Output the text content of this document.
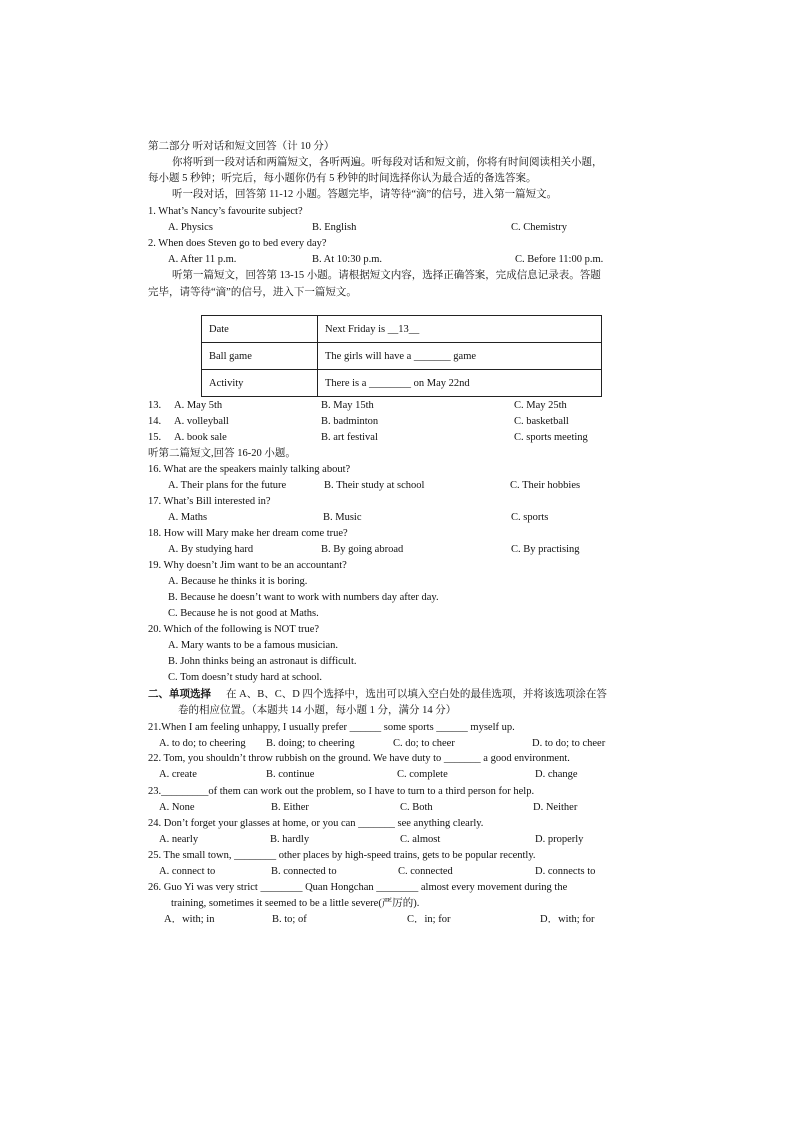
第二部分 听对话和短文回答（计 10 分）
你将听到一段对话和两篇短文，各听两遍。听每段对话和短文前，你将有时间阅读相关小题，
每小题 5 秒钟；听完后，每小题你仍有 5 秒钟的时间选择你认为最合适的备选答案。
听一段对话，回答第 11-12 小题。答题完毕，请等待“滴”的信号，进入第一篇短文。
1. What’s Nancy’s favourite subject?
A. Physics	B. English	C. Chemistry
2. When does Steven go to bed every day?
A. After 11 p.m.	B. At 10:30 p.m.	C. Before 11:00 p.m.
听第一篇短文，回答第 13-15 小题。请根据短文内容，选择正确答案，完成信息记录表。答题
完毕，请等待“滴”的信号，进入下一篇短文。
Date	Next Friday is __13__
Ball game	The girls will have a _______ game
Activity	There is a ________ on May 22nd
13. A. May 5th	B. May 15th	C. May 25th
14. A. volleyball	B. badminton	C. basketball
15. A. book sale	B. art festival	C. sports meeting
听第二篇短文,回答 16-20 小题。
16. What are the speakers mainly talking about?
A. Their plans for the future	B. Their study at school	C. Their hobbies
17. What’s Bill interested in?
A. Maths	B. Music	C. sports
18. How will Mary make her dream come true?
A. By studying hard	B. By going abroad	C. By practising
19. Why doesn’t Jim want to be an accountant?
A. Because he thinks it is boring.
B. Because he doesn’t want to work with numbers day after day.
C. Because he is not good at Maths.
20. Which of the following is NOT true?
A. Mary wants to be a famous musician.
B. John thinks being an astronaut is difficult.
C. Tom doesn’t study hard at school.
二、单项选择 在 A、B、C、D 四个选择中，选出可以填入空白处的最佳选项，并将该选项涂在答
卷的相应位置。（本题共 14 小题，每小题 1 分，满分 14 分）
21.When I am feeling unhappy, I usually prefer ______ some sports ______ myself up.
A. to do; to cheering B. doing; to cheering	C. do; to cheer	D. to do; to cheer
22. Tom, you shouldn’t throw rubbish on the ground. We have duty to _______ a good environment.
A. create	B. continue	C. complete	D. change
23._________of them can work out the problem, so I have to turn to a third person for help.
A. None	B. Either	C. Both	D. Neither
24. Don’t forget your glasses at home, or you can _______ see anything clearly.
A. nearly	B. hardly	C. almost	D. properly
25. The small town, ________ other places by high-speed trains, gets to be popular recently.
A. connect to	B. connected to	C. connected	D. connects to
26. Guo Yi was very strict ________ Quan Hongchan ________ almost every movement during the
training, sometimes it seemed to be a little severe(严厉的).
A．with; in	B. to; of	C．in; for	D．with; for
